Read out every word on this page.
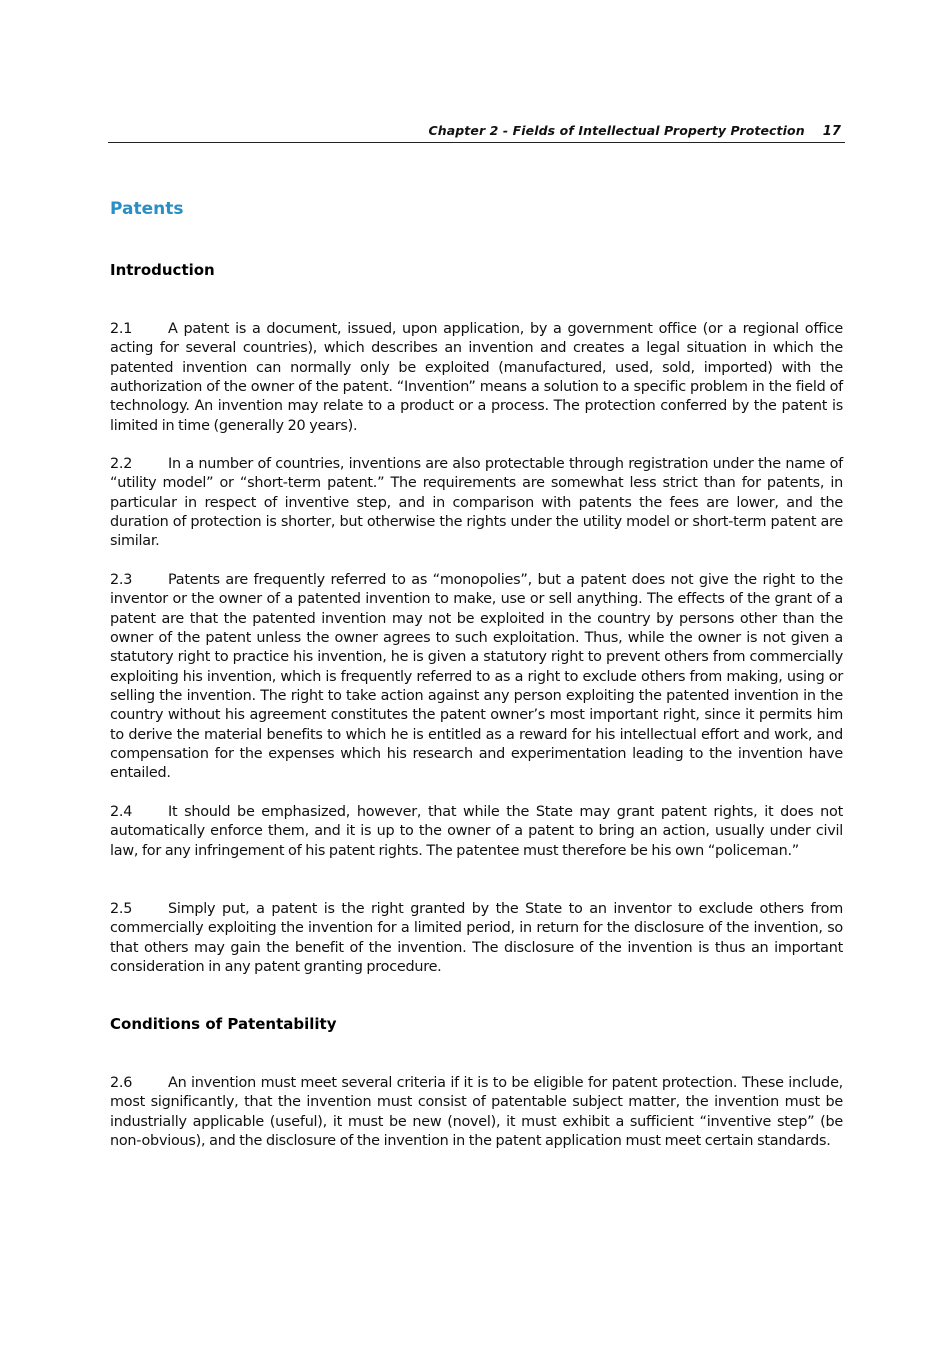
Chapter 2 - Fields of Intellectual Property Protection 17
Patents
Introduction

2.1 A patent is a document, issued, upon application, by a government office (or a regional office acting for several countries), which describes an invention and creates a legal situation in which the patented invention can normally only be exploited (manufactured, used, sold, imported) with the authorization of the owner of the patent. “Invention” means a solution to a specific problem in the field of technology. An invention may relate to a product or a process. The protection conferred by the patent is limited in time (generally 20 years).

2.2 In a number of countries, inventions are also protectable through registration under the name of “utility model” or “short-term patent.” The requirements are somewhat less strict than for patents, in particular in respect of inventive step, and in comparison with patents the fees are lower, and the duration of protection is shorter, but otherwise the rights under the utility model or short-term patent are similar.

2.3 Patents are frequently referred to as “monopolies”, but a patent does not give the right to the inventor or the owner of a patented invention to make, use or sell anything. The effects of the grant of a patent are that the patented invention may not be exploited in the country by persons other than the owner of the patent unless the owner agrees to such exploitation. Thus, while the owner is not given a statutory right to practice his invention, he is given a statutory right to prevent others from commercially exploiting his invention, which is frequently referred to as a right to exclude others from making, using or selling the invention. The right to take action against any person exploiting the patented invention in the country without his agreement constitutes the patent owner’s most important right, since it permits him to derive the material benefits to which he is entitled as a reward for his intellectual effort and work, and compensation for the expenses which his research and experimentation leading to the invention have entailed.

2.4 It should be emphasized, however, that while the State may grant patent rights, it does not automatically enforce them, and it is up to the owner of a patent to bring an action, usually under civil law, for any infringement of his patent rights. The patentee must therefore be his own “policeman.”

2.5 Simply put, a patent is the right granted by the State to an inventor to exclude others from commercially exploiting the invention for a limited period, in return for the disclosure of the invention, so that others may gain the benefit of the invention. The disclosure of the invention is thus an important consideration in any patent granting procedure.

Conditions of Patentability

2.6 An invention must meet several criteria if it is to be eligible for patent protection. These include, most significantly, that the invention must consist of patentable subject matter, the invention must be industrially applicable (useful), it must be new (novel), it must exhibit a sufficient “inventive step” (be non-obvious), and the disclosure of the invention in the patent application must meet certain standards.
